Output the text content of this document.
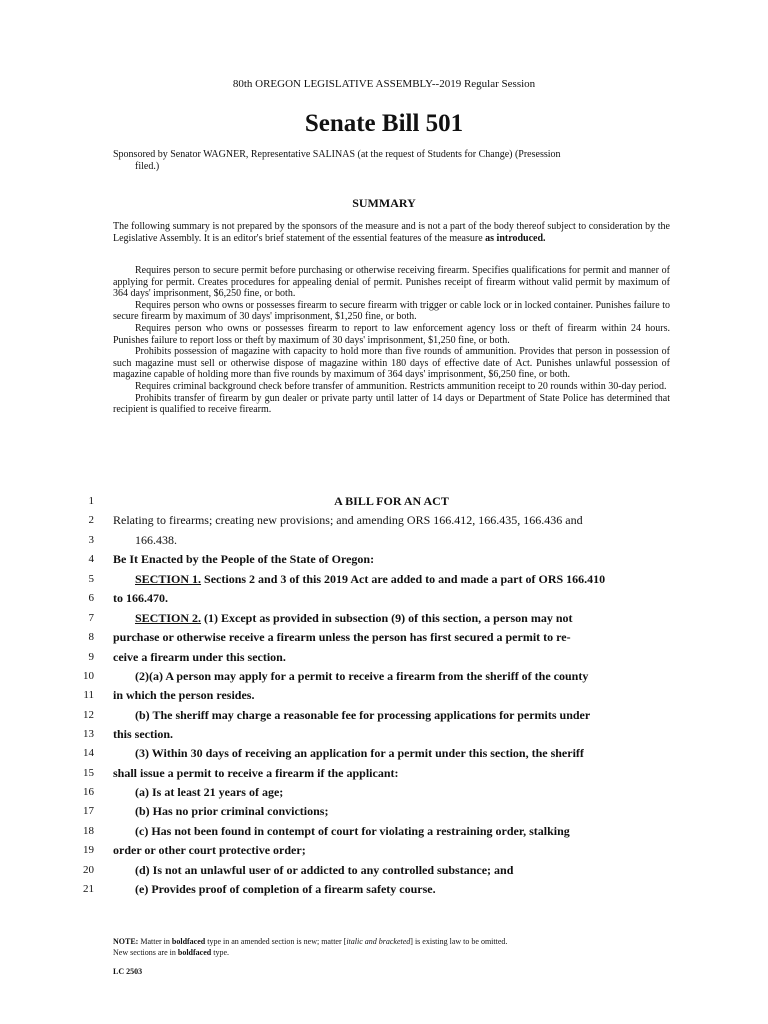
80th OREGON LEGISLATIVE ASSEMBLY--2019 Regular Session
Senate Bill 501
Sponsored by Senator WAGNER, Representative SALINAS (at the request of Students for Change) (Presession
filed.)
SUMMARY
The following summary is not prepared by the sponsors of the measure and is not a part of the body thereof subject to consideration by the Legislative Assembly. It is an editor's brief statement of the essential features of the measure as introduced.

Requires person to secure permit before purchasing or otherwise receiving firearm. Specifies qualifications for permit and manner of applying for permit. Creates procedures for appealing denial of permit. Punishes receipt of firearm without valid permit by maximum of 364 days' imprisonment, $6,250 fine, or both.

Requires person who owns or possesses firearm to secure firearm with trigger or cable lock or in locked container. Punishes failure to secure firearm by maximum of 30 days' imprisonment, $1,250 fine, or both.

Requires person who owns or possesses firearm to report to law enforcement agency loss or theft of firearm within 24 hours. Punishes failure to report loss or theft by maximum of 30 days' imprisonment, $1,250 fine, or both.

Prohibits possession of magazine with capacity to hold more than five rounds of ammunition. Provides that person in possession of such magazine must sell or otherwise dispose of magazine within 180 days of effective date of Act. Punishes unlawful possession of magazine capable of holding more than five rounds by maximum of 364 days' imprisonment, $6,250 fine, or both.

Requires criminal background check before transfer of ammunition. Restricts ammunition receipt to 20 rounds within 30-day period.

Prohibits transfer of firearm by gun dealer or private party until latter of 14 days or Department of State Police has determined that recipient is qualified to receive firearm.

1	A BILL FOR AN ACT
2 Relating to firearms; creating new provisions; and amending ORS 166.412, 166.435, 166.436 and
3	166.438.
4 Be It Enacted by the People of the State of Oregon:
5	SECTION 1. Sections 2 and 3 of this 2019 Act are added to and made a part of ORS 166.410
6 to 166.470.
7	SECTION 2. (1) Except as provided in subsection (9) of this section, a person may not
8 purchase or otherwise receive a firearm unless the person has first secured a permit to re-
9 ceive a firearm under this section.
10	(2)(a) A person may apply for a permit to receive a firearm from the sheriff of the county
11 in which the person resides.
12	(b) The sheriff may charge a reasonable fee for processing applications for permits under
13 this section.
14	(3) Within 30 days of receiving an application for a permit under this section, the sheriff
15 shall issue a permit to receive a firearm if the applicant:
16	(a) Is at least 21 years of age;
17	(b) Has no prior criminal convictions;
18	(c) Has not been found in contempt of court for violating a restraining order, stalking
19 order or other court protective order;
20	(d) Is not an unlawful user of or addicted to any controlled substance; and
21	(e) Provides proof of completion of a firearm safety course.
NOTE: Matter in boldfaced type in an amended section is new; matter [italic and bracketed] is existing law to be omitted.
New sections are in boldfaced type.
LC 2503
